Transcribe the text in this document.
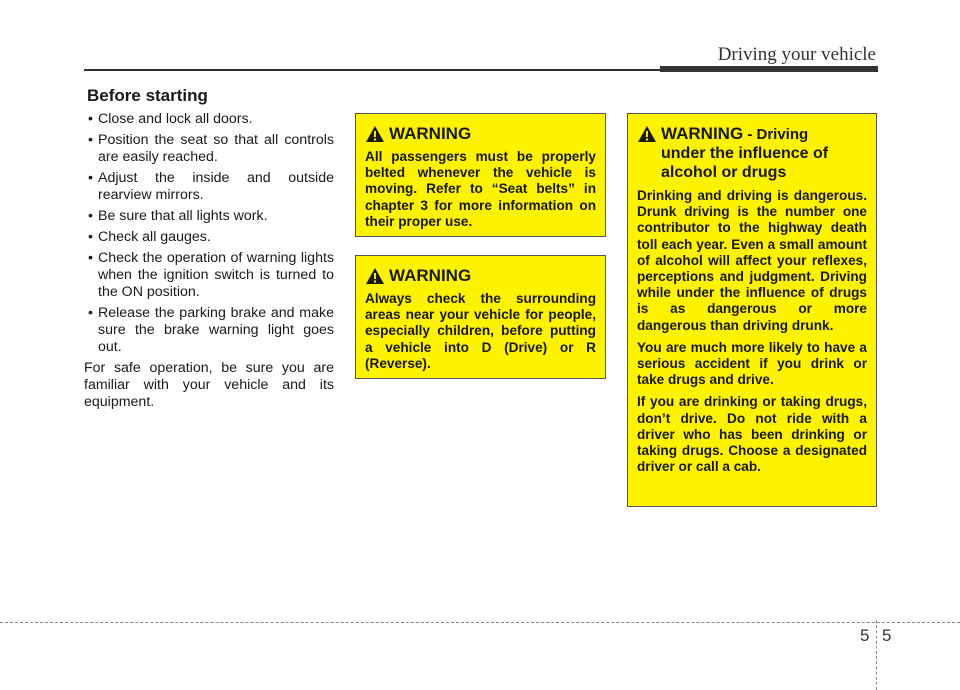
Driving your vehicle
Before starting
• Close and lock all doors.
• Position the seat so that all controls are easily reached.
• Adjust the inside and outside rearview mirrors.
• Be sure that all lights work.
• Check all gauges.
• Check the operation of warning lights when the ignition switch is turned to the ON position.
• Release the parking brake and make sure the brake warning light goes out.
For safe operation, be sure you are familiar with your vehicle and its equipment.
WARNING
All passengers must be properly belted whenever the vehicle is moving. Refer to “Seat belts” in chapter 3 for more information on their proper use.
WARNING
Always check the surrounding areas near your vehicle for people, especially children, before putting a vehicle into D (Drive) or R (Reverse).
WARNING - Driving
under the influence of alcohol or drugs

Drinking and driving is dangerous. Drunk driving is the number one contributor to the highway death toll each year. Even a small amount of alcohol will affect your reflexes, perceptions and judgment. Driving while under the influence of drugs is as dangerous or more dangerous than driving drunk.

You are much more likely to have a serious accident if you drink or take drugs and drive.

If you are drinking or taking drugs, don’t drive. Do not ride with a driver who has been drinking or taking drugs. Choose a designated driver or call a cab.

5 5
